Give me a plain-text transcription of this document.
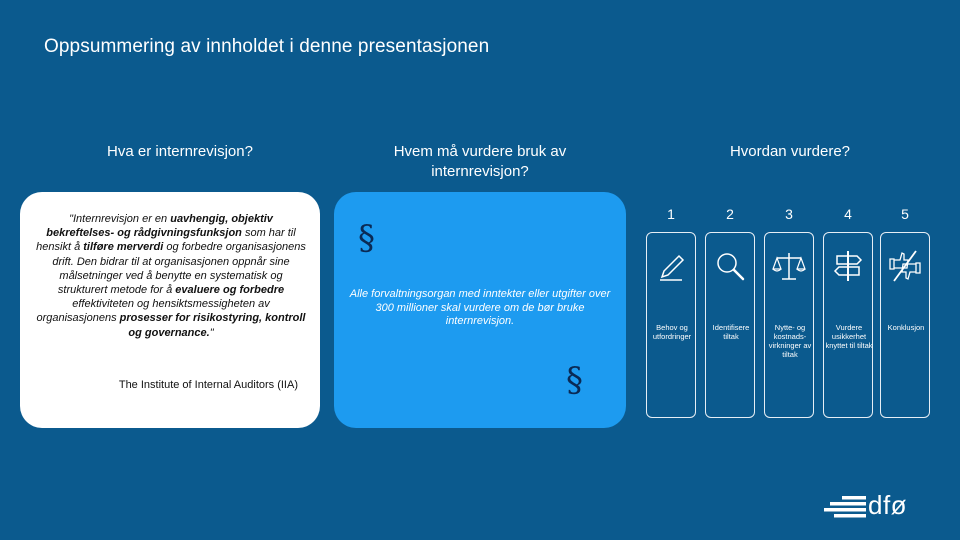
Oppsummering av innholdet i denne presentasjonen
Hva er internrevisjon?	Hvem må vurdere bruk av internrevisjon?
Hvordan vurdere?
"Internrevisjon er en uavhengig, objektiv bekreftelses- og rådgivningsfunksjon som har til hensikt å tilføre merverdi og forbedre organisasjonens drift. Den bidrar til at organisasjonen oppnår sine målsetninger ved å benytte en systematisk og strukturert metode for å evaluere og forbedre effektiviteten og hensiktsmessigheten av organisasjonens prosesser for risikostyring, kontroll og governance."
The Institute of Internal Auditors (IIA)
§
Alle forvaltningsorgan med inntekter eller utgifter over 300 millioner skal vurdere om de bør bruke internrevisjon.
§
1
Behov og utfordringer
2
Identifisere tiltak
3
Nytte- og kostnads-virkninger av tiltak
4
Vurdere usikkerhet knyttet til tiltak
5
Konklusjon
dfø
